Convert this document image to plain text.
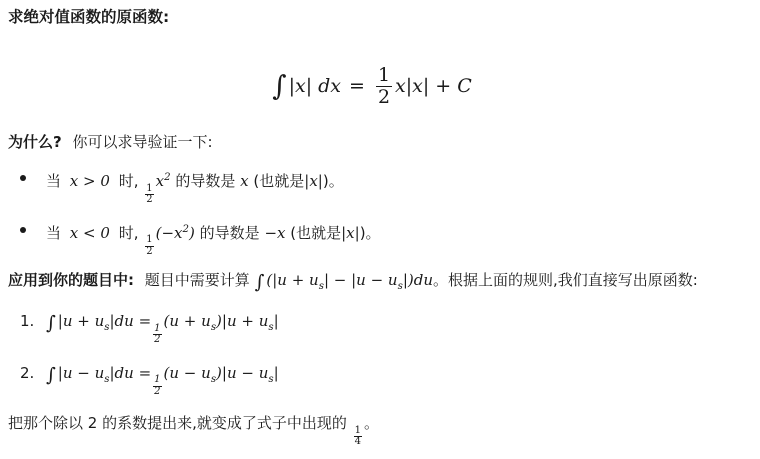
求绝对值函数的原函数:

∫ |x| dx = $\frac{1}{2} x|x| + C$

为什么? 你可以求导验证一下:

当 x > 0 时,
$\frac{1}{2}$
$x^2$ 的导数是 x (也就是|x|)。
当 x < 0 时,
$\frac{1}{2}$
$(-x^2)$ 的导数是 −x (也就是|x|)。

应用到你的题目中: 题目中需要计算 ∫ $(|u + u_s| - |u - u_s|)du$。根据上面的规则,我们直接写出原函数:

1. ∫ $|u + u_s|du$ =
$\frac{1}{2}$
$(u + u_s)|u + u_s|$
2. ∫ $|u - u_s|du$ =
$\frac{1}{2}$
$(u - u_s)|u - u_s|$

把那个除以 2 的系数提出来,就变成了式子中出现的
$\frac{1}{4}$
。
